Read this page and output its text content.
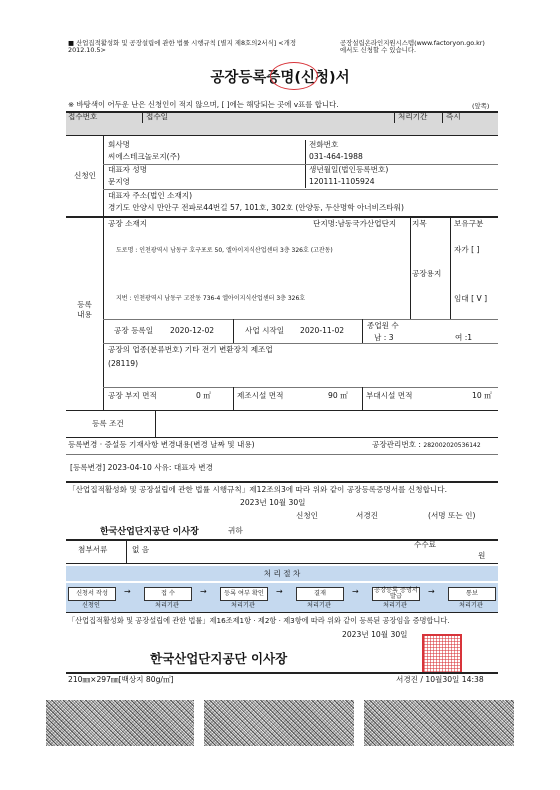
■ 산업집적활성화 및 공장설립에 관한 법률 시행규칙 [별지 제8호의2서식] <개정
2012.10.5>
공장설립온라인지원시스템(www.factoryon.go.kr)
에서도 신청할 수 있습니다.
공장등록증명(신청)서
※ 바탕색이 어두운 난은 신청인이 적지 않으며, [ ]에는 해당되는 곳에 v표를 합니다.	(앞쪽)
접수번호	접수일	처리기간 즉시
신청인
회사명
씨에스테크놀로지(주)
전화번호
031-464-1988
대표자 성명
문지영
생년월일(법인등록번호)
120111-1105924
대표자 주소(법인 소재지)
경기도 안양시 만안구 전파로44번길 57, 101호, 302호 (안양동, 두산명학 아너비즈타워)
등록
내용
공장 소재지	단지명:남동국가산업단지 지목
공장용지
보유구분
자가 [ ]
임대 [ V ]
도로명 : 인천광역시 남동구 호구포로 50, 엘아이지식산업센터 3층 326호 (고잔동)
지번 : 인천광역시 남동구 고잔동 736-4 엘아이지식산업센터 3층 326호
공장 등록일 2020-12-02	사업 시작일 2020-11-02
종업원 수
남 : 3	여 :1
공장의 업종(분류번호) 기타 전기 변환장치 제조업
(28119)
공장 부지 면적	0 ㎡	제조시설 면적	90 ㎡ 부대시설 면적	10 ㎡
등록 조건
등록변경 · 증설등 기재사항 변경내용(변경 날짜 및 내용)	공장관리번호 : 282002020536142
[등록변경] 2023-04-10 사유: 대표자 변경
「산업집적활성화 및 공장설립에 관한 법률 시행규칙」제12조의3에 따라 위와 같이 공장등록증명서를 신청합니다.
2023년 10월 30일
신청인	서경진	(서명 또는 인)
한국산업단지공단 이사장	귀하
첨부서류	없 음
수수료
원
처 리 절 차
신청서 작성	접 수	등록 여부 확인	결재	공장등록 증명서발급	통보
→	→	→	→	→
신청인	처리기관	처리기관	처리기관	처리기관	처리기관
「산업집적활성화 및 공장설립에 관한 법률」제16조제1항 · 제2항 · 제3항에 따라 위와 같이 등록된 공장임을 증명합니다.
2023년 10월 30일
한국산업단지공단 이사장
210㎜×297㎜[백상지 80g/㎡]	서경진 / 10월30일 14:38
